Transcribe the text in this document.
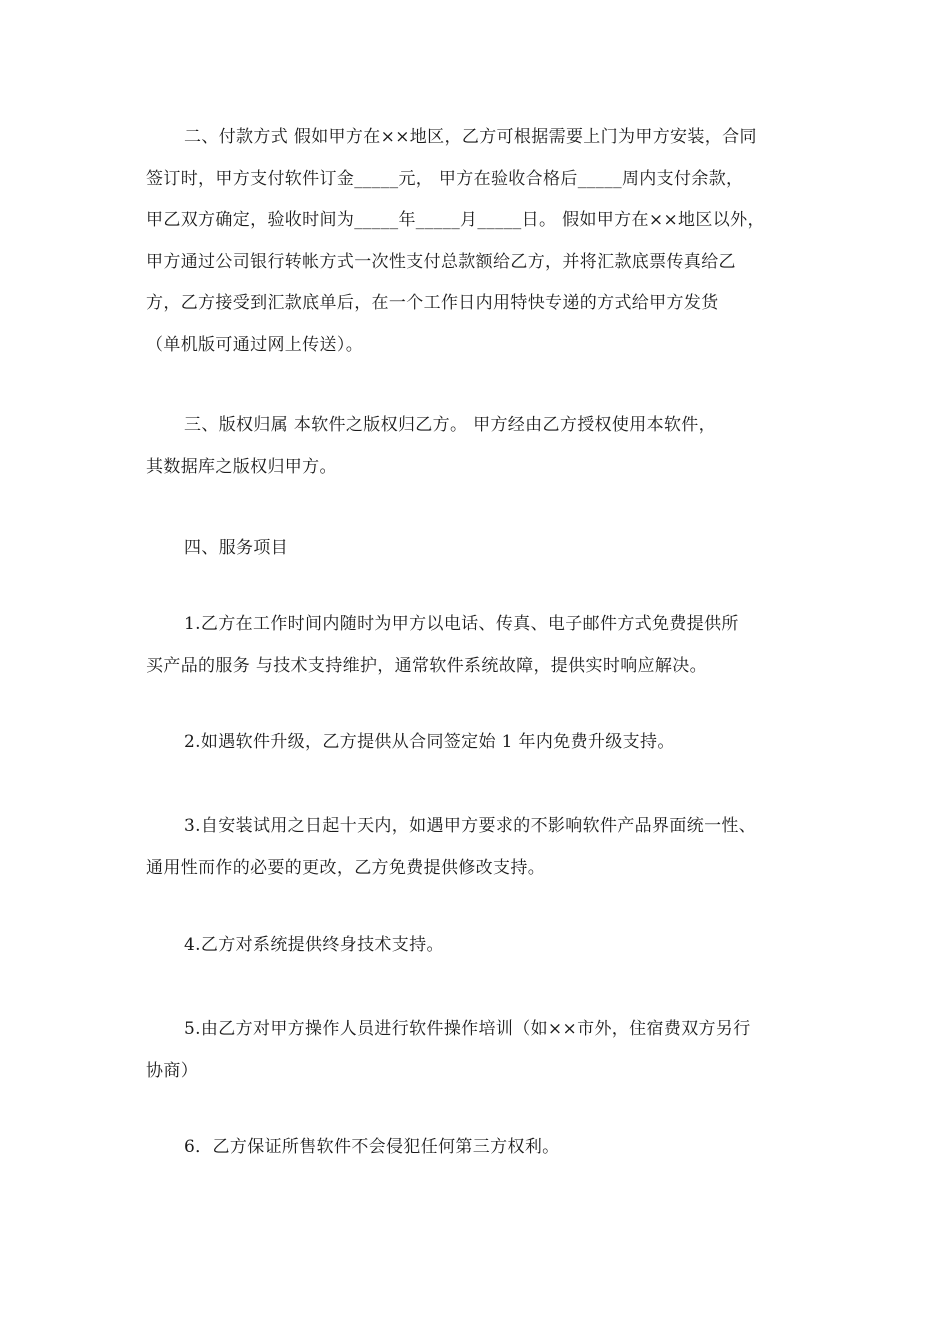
二、付款方式 假如甲方在××地区，乙方可根据需要上门为甲方安装，合同
签订时，甲方支付软件订金_____元， 甲方在验收合格后_____周内支付余款，
甲乙双方确定，验收时间为_____年_____月_____日。 假如甲方在××地区以外，
甲方通过公司银行转帐方式一次性支付总款额给乙方，并将汇款底票传真给乙
方，乙方接受到汇款底单后，在一个工作日内用特快专递的方式给甲方发货
（单机版可通过网上传送）。

三、版权归属 本软件之版权归乙方。 甲方经由乙方授权使用本软件，
其数据库之版权归甲方。

四、服务项目

1.乙方在工作时间内随时为甲方以电话、传真、电子邮件方式免费提供所
买产品的服务 与技术支持维护，通常软件系统故障，提供实时响应解决。

2.如遇软件升级，乙方提供从合同签定始 1 年内免费升级支持。

3.自安装试用之日起十天内，如遇甲方要求的不影响软件产品界面统一性、
通用性而作的必要的更改，乙方免费提供修改支持。

4.乙方对系统提供终身技术支持。

5.由乙方对甲方操作人员进行软件操作培训（如××市外，住宿费双方另行
协商）

6．乙方保证所售软件不会侵犯任何第三方权利。
